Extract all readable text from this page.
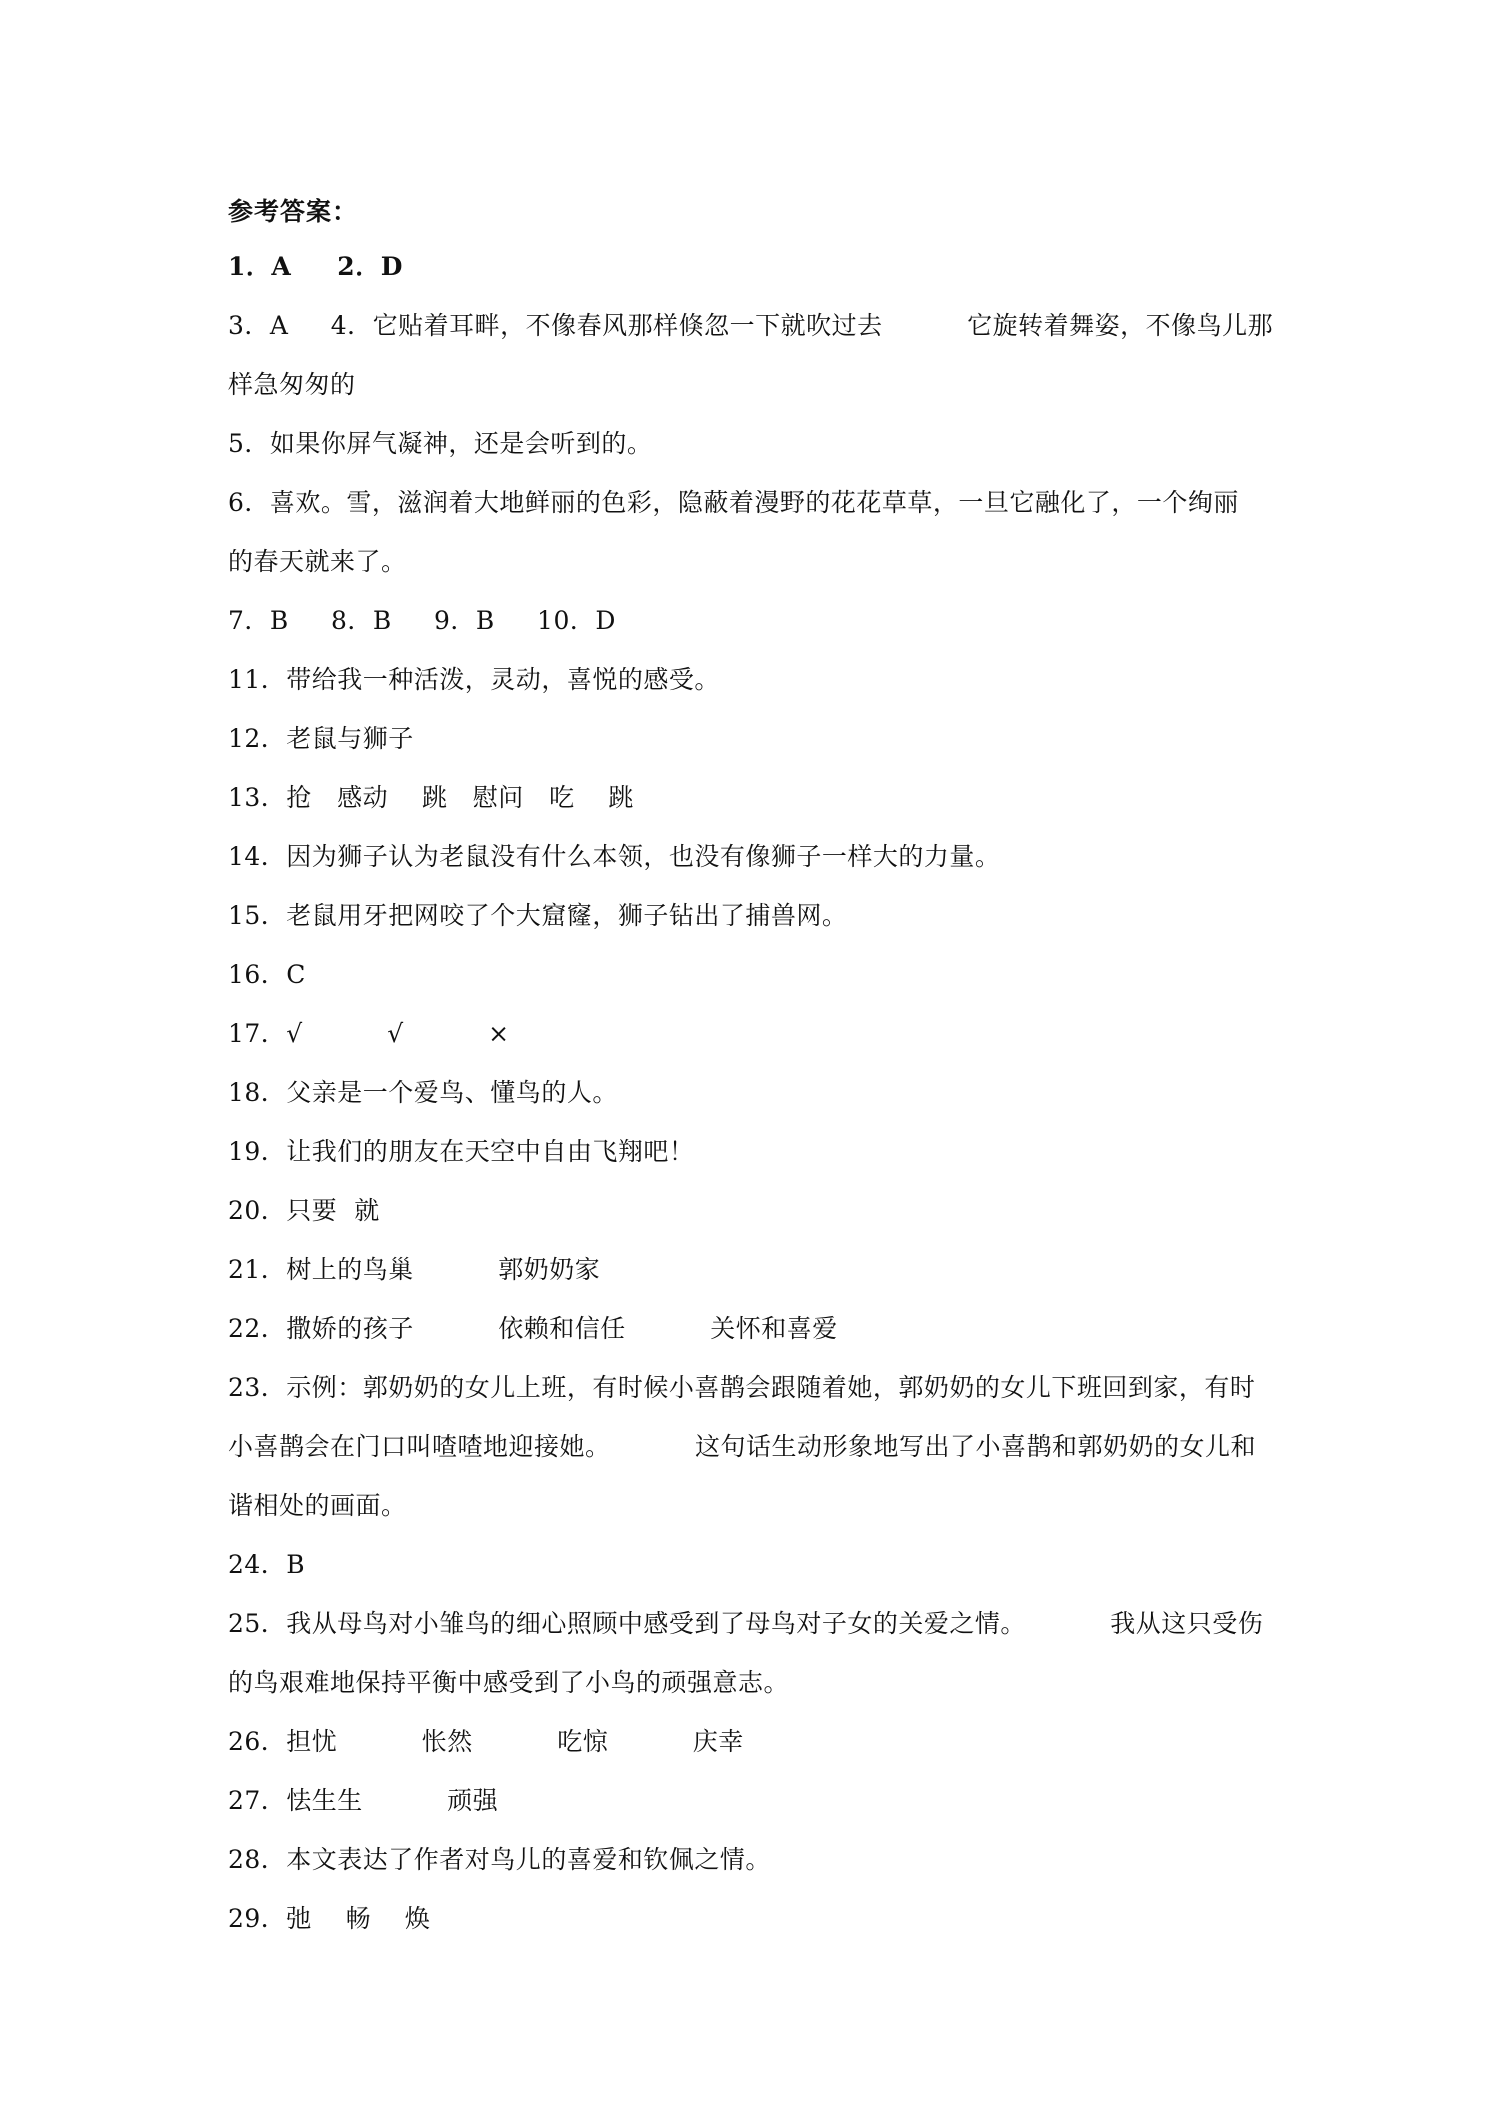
参考答案：
1．A     2．D
3．A     4．它贴着耳畔，不像春风那样倏忽一下就吹过去          它旋转着舞姿，不像鸟儿那
样急匆匆的
5．如果你屏气凝神，还是会听到的。
6．喜欢。雪，滋润着大地鲜丽的色彩，隐蔽着漫野的花花草草，一旦它融化了，一个绚丽
的春天就来了。
7．B     8．B     9．B     10．D
11．带给我一种活泼，灵动，喜悦的感受。
12．老鼠与狮子
13．抢   感动    跳   慰问   吃    跳
14．因为狮子认为老鼠没有什么本领，也没有像狮子一样大的力量。
15．老鼠用牙把网咬了个大窟窿，狮子钻出了捕兽网。
16．C
17．√          √          ×
18．父亲是一个爱鸟、懂鸟的人。
19．让我们的朋友在天空中自由飞翔吧！
20．只要  就
21．树上的鸟巢          郭奶奶家
22．撒娇的孩子          依赖和信任          关怀和喜爱
23．示例：郭奶奶的女儿上班，有时候小喜鹊会跟随着她，郭奶奶的女儿下班回到家，有时
小喜鹊会在门口叫喳喳地迎接她。          这句话生动形象地写出了小喜鹊和郭奶奶的女儿和
谐相处的画面。
24．B
25．我从母鸟对小雏鸟的细心照顾中感受到了母鸟对子女的关爱之情。          我从这只受伤
的鸟艰难地保持平衡中感受到了小鸟的顽强意志。
26．担忧          怅然          吃惊          庆幸
27．怯生生          顽强
28．本文表达了作者对鸟儿的喜爱和钦佩之情。
29．弛    畅    焕
